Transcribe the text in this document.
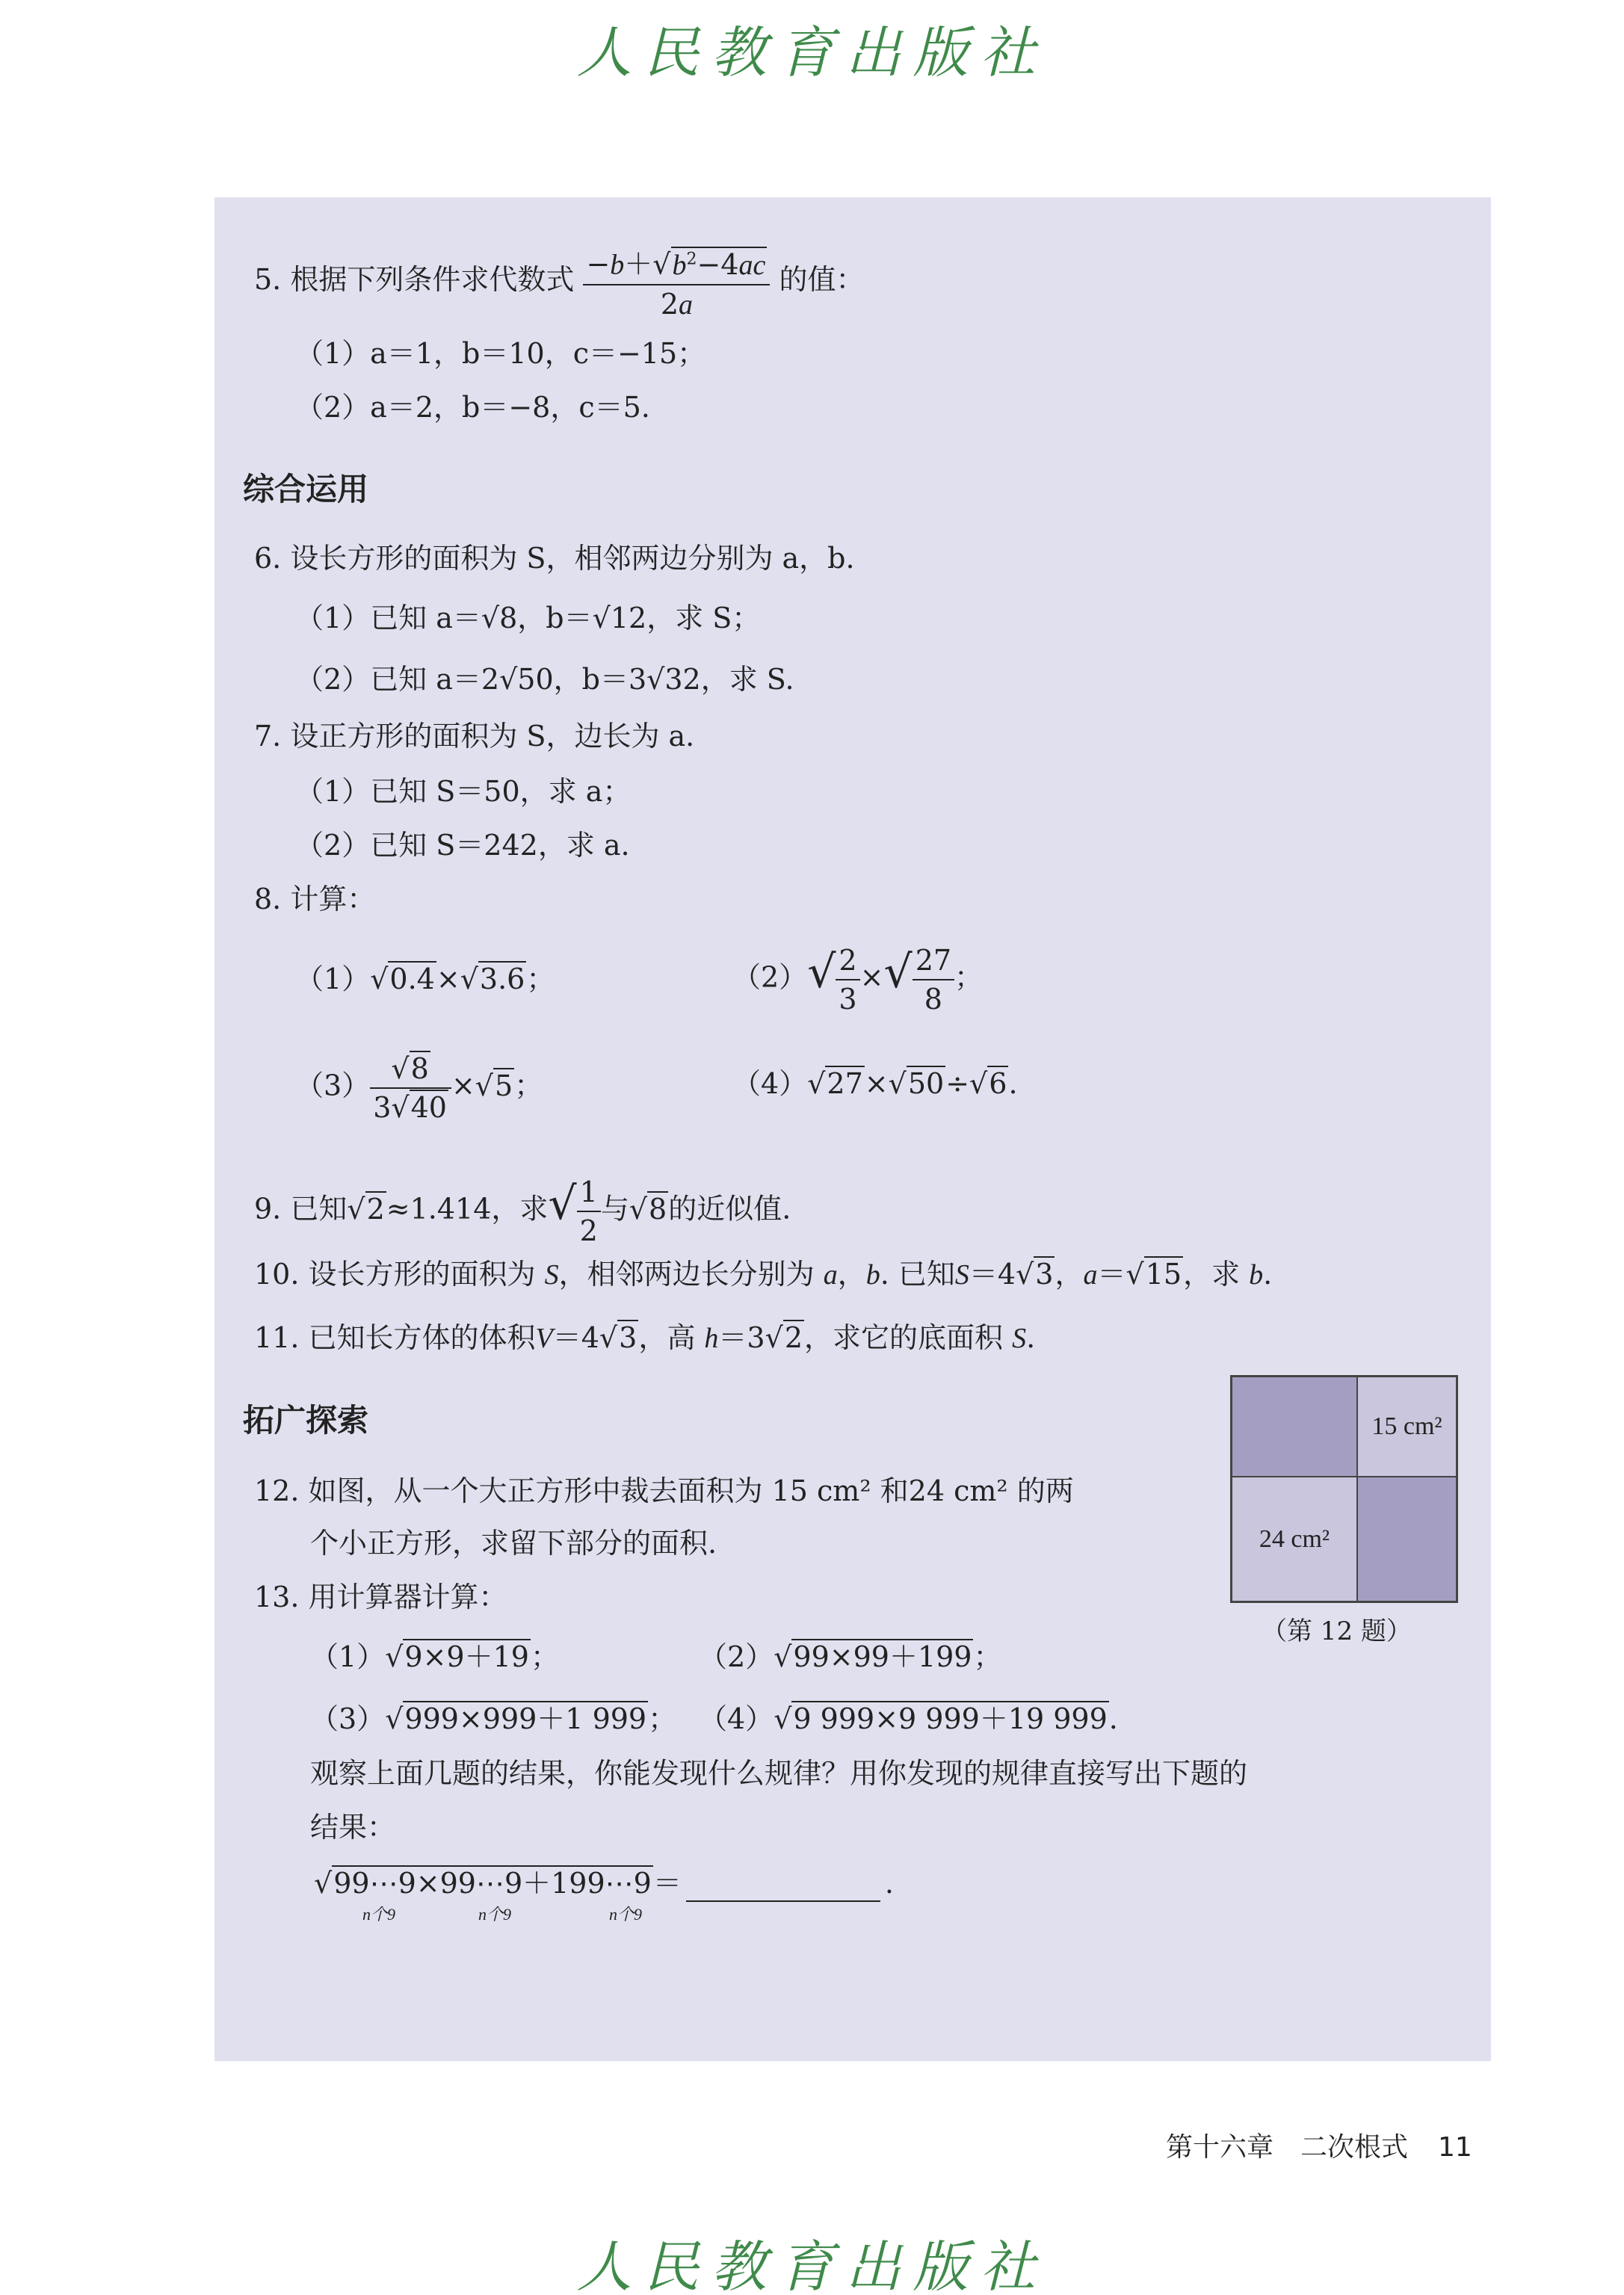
人民教育出版社
5. 根据下列条件求代数式 $\frac{-b+√b^2-4ac}{2a}$ 的值：
（1）a＝1，b＝10，c＝−15；
（2）a＝2，b＝−8，c＝5.
综合运用
6. 设长方形的面积为 S，相邻两边分别为 a，b.
（1）已知 a＝√8，b＝√12，求 S；
（2）已知 a＝2√50，b＝3√32，求 S.
7. 设正方形的面积为 S，边长为 a.
（1）已知 S＝50，求 a；
（2）已知 S＝242，求 a.
8. 计算：
（1）√0.4×√3.6；	$(2)√ \frac{2}{3}$ ×√ $\frac{27}{8}$ ；
$(3) \frac{√8}{3√40} \times√5$；	（4）√27×√50÷√6.
9. 已知√2≈1.414，求√ $\frac{1}{2}$ 与√8的近似值.
10. 设长方形的面积为 S，相邻两边长分别为 a，b. 已知S＝4√3，a＝√15，求 b.
11. 已知长方体的体积V＝4√3，高 h＝3√2，求它的底面积 S.
拓广探索
12. 如图，从一个大正方形中裁去面积为 15 cm² 和24 cm² 的两
个小正方形，求留下部分的面积.
15 cm²
24 cm²
（第 12 题）
13. 用计算器计算：
（1）√9×9＋19；	（2）√99×99＋199；
（3）√999×999＋1 999； （4）√9 999×9 999＋19 999.
观察上面几题的结果，你能发现什么规律？用你发现的规律直接写出下题的
结果：
√99⋯9×99⋯9＋199⋯9＝	.
n个9	n个9	n个9
第十六章　二次根式 11
人民教育出版社
